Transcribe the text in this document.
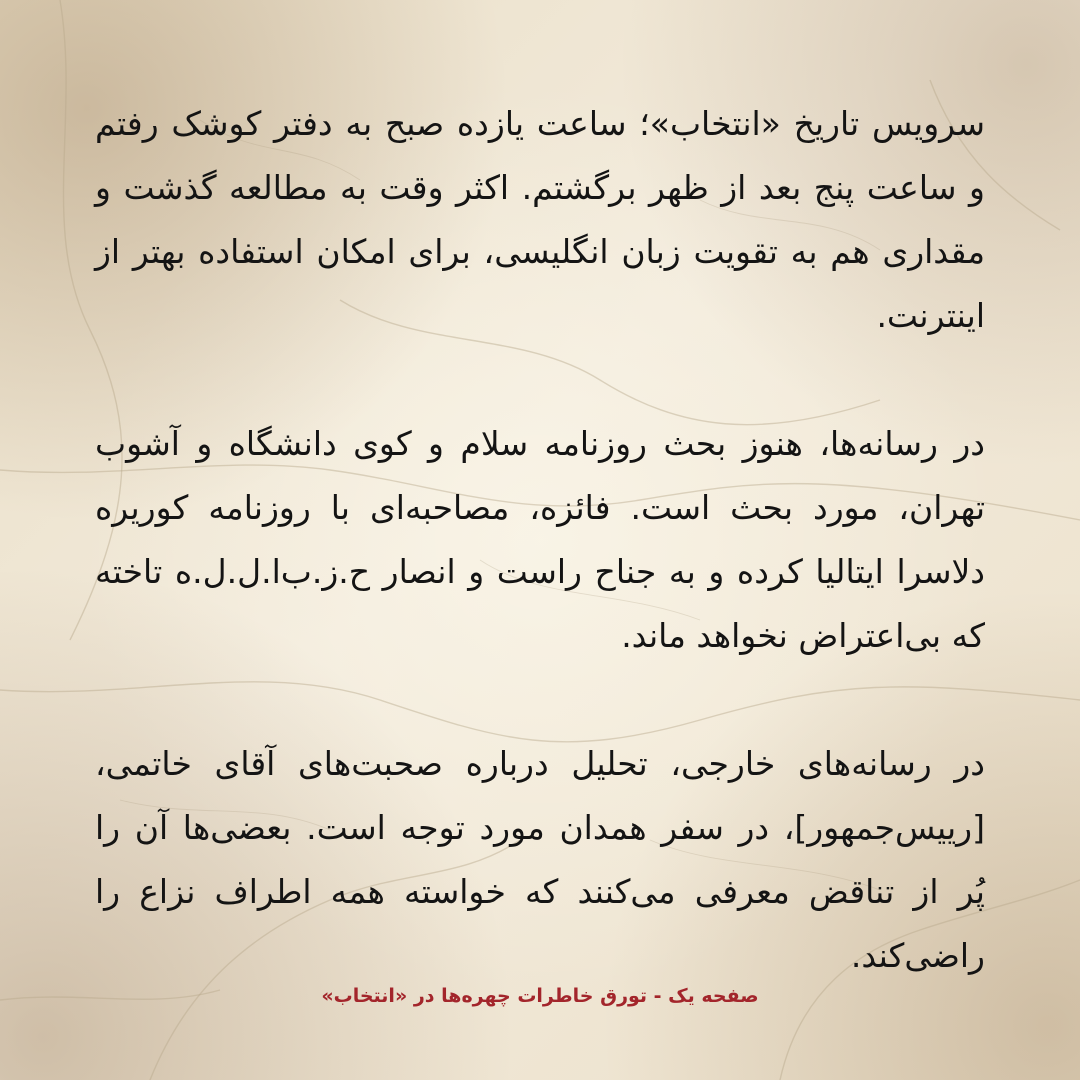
سرویس تاریخ «انتخاب»؛ ساعت یازده صبح به دفتر کوشک رفتم و ساعت پنج بعد از ظهر برگشتم. اکثر وقت به مطالعه گذشت و مقداری هم به تقویت زبان انگلیسی، برای امکان استفاده بهتر از اینترنت.

در رسانه‌ها، هنوز بحث روزنامه سلام و کوی دانشگاه و آشوب تهران، مورد بحث است. فائزه، مصاحبه‌ای با روزنامه کوریره دلاسرا ایتالیا کرده و به جناح راست و انصار ح.ز.ب‌ا.ل.ل.ه تاخته که بی‌اعتراض نخواهد ماند.

در رسانه‌های خارجی، تحلیل درباره صحبت‌های آقای خاتمی، [رییس‌جمهور]، در سفر همدان مورد توجه است. بعضی‌ها آن را پُر از تناقض معرفی می‌کنند که خواسته همه اطراف نزاع را راضی‌کند.

صفحه یک - تورق خاطرات چهره‌ها در «انتخاب»
